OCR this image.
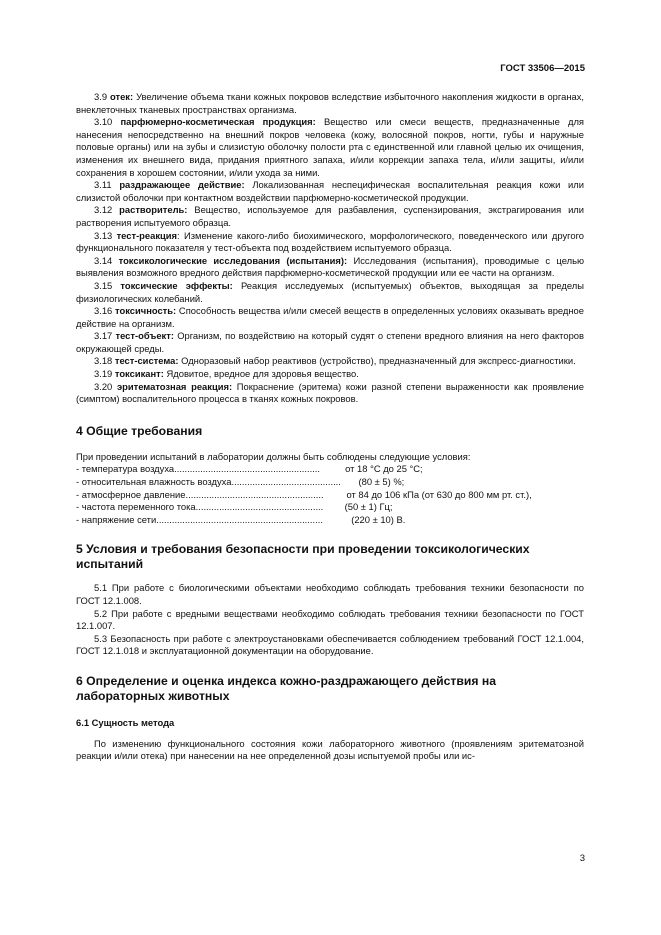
ГОСТ 33506—2015

3.9 отек: Увеличение объема ткани кожных покровов вследствие избыточного накопления жидкости в органах, внеклеточных тканевых пространствах организма.

3.10 парфюмерно-косметическая продукция: Вещество или смеси веществ, предназначенные для нанесения непосредственно на внешний покров человека (кожу, волосяной покров, ногти, губы и наружные половые органы) или на зубы и слизистую оболочку полости рта с единственной или главной целью их очищения, изменения их внешнего вида, придания приятного запаха, и/или коррекции запаха тела, и/или защиты, и/или сохранения в хорошем состоянии, и/или ухода за ними.

3.11 раздражающее действие: Локализованная неспецифическая воспалительная реакция кожи или слизистой оболочки при контактном воздействии парфюмерно-косметической продукции.

3.12 растворитель: Вещество, используемое для разбавления, суспензирования, экстрагирования или растворения испытуемого образца.

3.13 тест-реакция: Изменение какого-либо биохимического, морфологического, поведенческого или другого функционального показателя у тест-объекта под воздействием испытуемого образца.

3.14 токсикологические исследования (испытания): Исследования (испытания), проводимые с целью выявления возможного вредного действия парфюмерно-косметической продукции или ее части на организм.

3.15 токсические эффекты: Реакция исследуемых (испытуемых) объектов, выходящая за пределы физиологических колебаний.

3.16 токсичность: Способность вещества и/или смесей веществ в определенных условиях оказывать вредное действие на организм.

3.17 тест-объект: Организм, по воздействию на который судят о степени вредного влияния на него факторов окружающей среды.

3.18 тест-система: Одноразовый набор реактивов (устройство), предназначенный для экспресс-диагностики.

3.19 токсикант: Ядовитое, вредное для здоровья вещество.

3.20 эритематозная реакция: Покраснение (эритема) кожи разной степени выраженности как проявление (симптом) воспалительного процесса в тканях кожных покровов.

4 Общие требования

При проведении испытаний в лаборатории должны быть соблюдены следующие условия:

- температура воздуха ........................................................	от 18 °С до 25 °С;
- относительная влажность воздуха ..........................................	(80 ± 5) %;
- атмосферное давление .....................................................	от 84 до 106 кПа (от 630 до 800 мм рт. ст.),
- частота переменного тока .................................................	(50 ± 1) Гц;
- напряжение сети ................................................................	(220 ± 10) В.
5 Условия и требования безопасности при проведении токсикологических испытаний

5.1 При работе с биологическими объектами необходимо соблюдать требования техники безопасности по ГОСТ 12.1.008.

5.2 При работе с вредными веществами необходимо соблюдать требования техники безопасности по ГОСТ 12.1.007.

5.3 Безопасность при работе с электроустановками обеспечивается соблюдением требований ГОСТ 12.1.004, ГОСТ 12.1.018 и эксплуатационной документации на оборудование.

6 Определение и оценка индекса кожно-раздражающего действия на лабораторных животных
6.1 Сущность метода

По изменению функционального состояния кожи лабораторного животного (проявлениям эритематозной реакции и/или отека) при нанесении на нее определенной дозы испытуемой пробы или ис-

3
